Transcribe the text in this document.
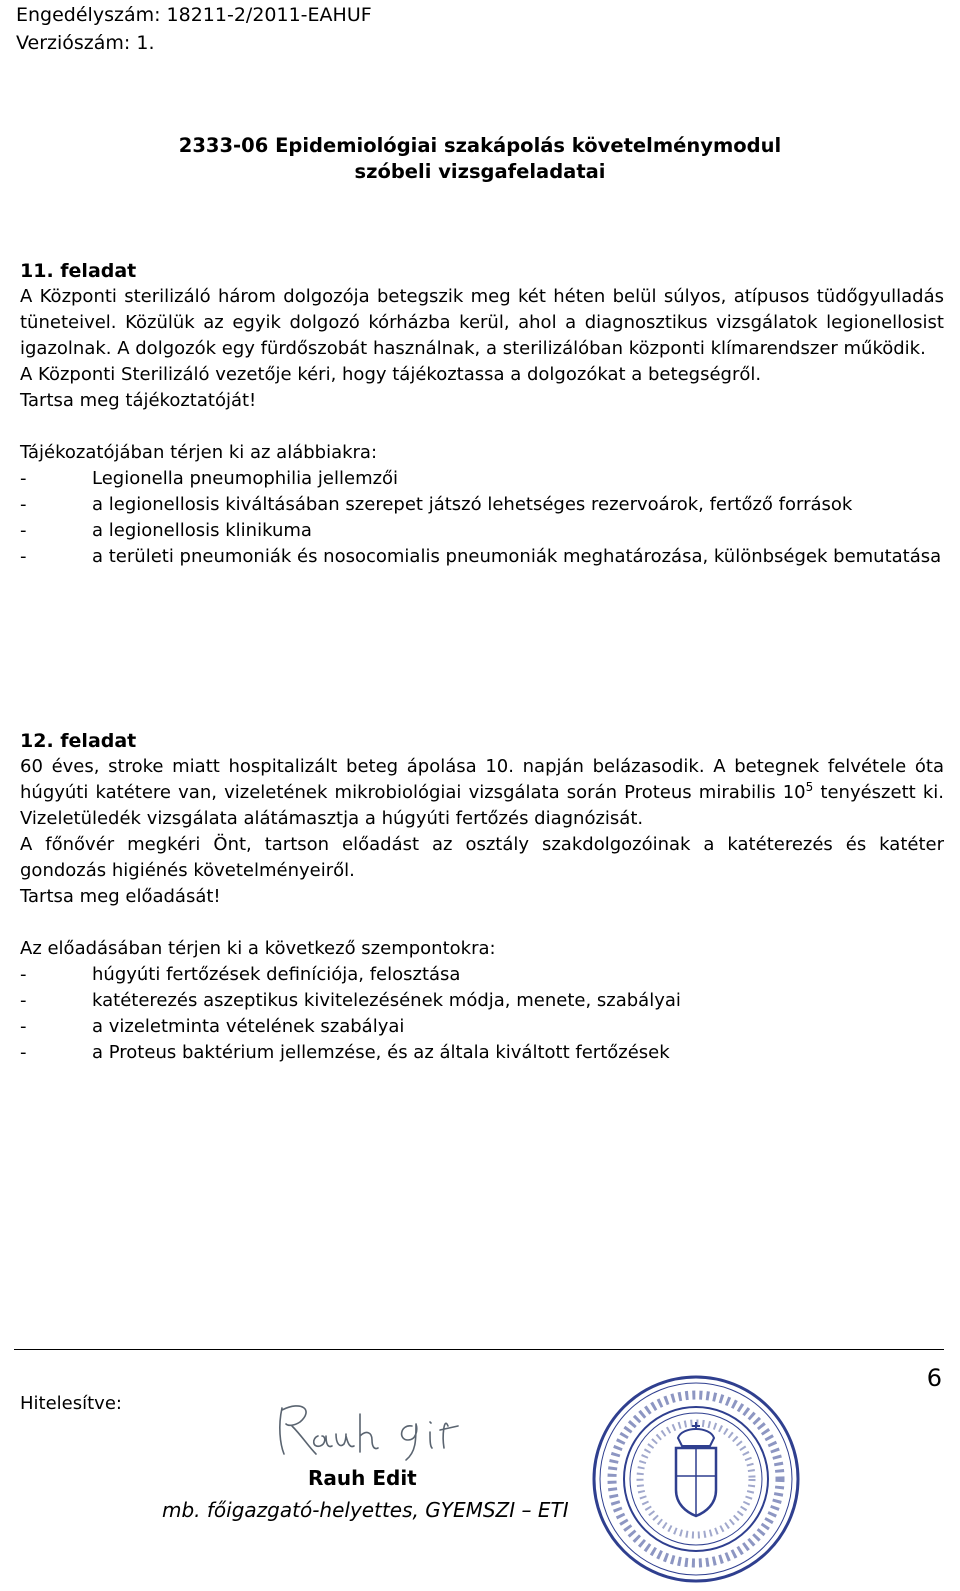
Engedélyszám: 18211-2/2011-EAHUF
Verziószám: 1.
2333-06 Epidemiológiai szakápolás követelménymodul
szóbeli vizsgafeladatai
11. feladat

A Központi sterilizáló három dolgozója betegszik meg két héten belül súlyos, atípusos tüdőgyulladás tüneteivel. Közülük az egyik dolgozó kórházba kerül, ahol a diagnosztikus vizsgálatok legionellosist igazolnak. A dolgozók egy fürdőszobát használnak, a sterilizálóban központi klímarendszer működik.

A Központi Sterilizáló vezetője kéri, hogy tájékoztassa a dolgozókat a betegségről.

Tartsa meg tájékoztatóját!

Tájékozatójában térjen ki az alábbiakra:

-	Legionella pneumophilia jellemzői
-	a legionellosis kiváltásában szerepet játszó lehetséges rezervoárok, fertőző források
-	a legionellosis klinikuma
-	a területi pneumoniák és nosocomialis pneumoniák meghatározása, különbségek bemutatása
12. feladat

60 éves, stroke miatt hospitalizált beteg ápolása 10. napján belázasodik. A betegnek felvétele óta húgyúti katétere van, vizeletének mikrobiológiai vizsgálata során Proteus mirabilis $10^5$ tenyészett ki. Vizeletüledék vizsgálata alátámasztja a húgyúti fertőzés diagnózisát.

A főnővér megkéri Önt, tartson előadást az osztály szakdolgozóinak a katéterezés és katéter gondozás higiénés követelményeiről.

Tartsa meg előadását!

Az előadásában térjen ki a következő szempontokra:

-	húgyúti fertőzések definíciója, felosztása
-	katéterezés aszeptikus kivitelezésének módja, menete, szabályai
-	a vizeletminta vételének szabályai
-	a Proteus baktérium jellemzése, és az általa kiváltott fertőzések
6
Hitelesítve:
Rauh Edit
mb. főigazgató-helyettes, GYEMSZI – ETI
